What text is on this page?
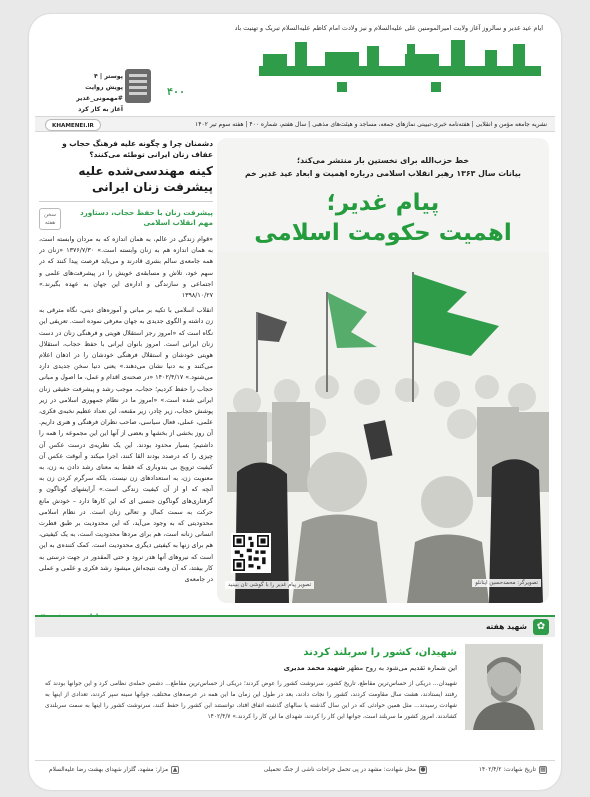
ایام عید غدیر و سالروز آغاز ولایت امیرالمومنین علی علیه‌السلام و نیز ولادت امام کاظم علیه‌السلام تبریک و تهنیت باد
۴۰۰
پوستر | ۴
پویش روایت #مهمونی_غدیر
آغاز به کار کرد
نشریه جامعه مؤمن و انقلابی | هفته‌نامه خبری-تبیینی نمازهای جمعه، مساجد و هیئت‌های مذهبی | سال هفتم، شماره ۴۰۰ | هفته سوم تیر ۱۴۰۲
KHAMENEI.IR
دشمنان چرا و چگونه علیه فرهنگ حجاب و عفاف زنان ایرانی توطئه می‌کنند؟
کینه مهندسی‌شده علیه پیشرفت زنان ایرانی
پیشرفت زنان با حفظ حجاب، دستاورد مهم انقلاب اسلامی
سخن هفته
«قوام زندگی در عالم، به همان اندازه که به مردان وابسته است، به همان اندازه هم به زنان وابسته است.» ۱۳۷۶/۷/۳۰ «زنان در همه جامعه‌ی سالم بشری قادرند و می‌باید فرصت پیدا کنند که در سهم خود، تلاش و مسابقه‌ی خویش را در پیشرفت‌های علمی و اجتماعی و سازندگی و اداره‌ی این جهان به عهده بگیرند.» ۱۳۹۸/۱۰/۲۷
انقلاب اسلامی با تکیه بر مبانی و آموزه‌های دینی، نگاه مترقی به زن داشته و الگوی جدیدی به جهان معرفی نموده است. تعریفی این نگاه است که «امروز رجز استقلال هویتی و فرهنگی زنان در دست زنان ایرانی است. امروز بانوان ایرانی با حفظ حجاب، استقلال هویتی خودشان و استقلال فرهنگی خودشان را در اذهان اعلام می‌کنند و به دنیا نشان می‌دهند.» یعنی دنیا سخن جدیدی دارد می‌شنود.» ۱۴۰۲/۴/۱۷ «در صحنه‌ی اقدام و عمل، ما اصول و مبانی حجاب را حفظ کردیم؛ حجاب، موجب رشد و پیشرفت حقیقی زنان ایرانی شده است.» «امروز ما در نظام جمهوری اسلامی در زیر پوشش حجاب، زیر چادر، زیر مقنعه، این تعداد عظیم نخبه‌ی فکری، علمی، عملی، فعال سیاسی، صاحب نظران فرهنگی و هنری داریم. آن روز بخشی از بخشها و بعضی از آنها این این مجموعه را همه را داشتیم؛ بسیار محدود بودند. این یک نظریه‌ی درست عکس آن چیزی را که درصدد بودند القا کنند، اجرا میکند و آنوقت عکس آن کیفیت ترویج بی بندوباری که فقط به معنای رشد دادن به زن، به معنویت زن، به استعدادهای زن نیست، بلکه سرگرم کردن زن به آنچه که او از آن کیفیت زندگی است.» آرایشهای گوناگون و گرفتاری‌های گوناگون جنسی ای که این کارها دارد – خودش مانع حرکت به سمت کمال و تعالی زنان است. در نظام اسلامی محدودیتی که به وجود می‌آید، که این محدودیت بر طبق فطرت انسانی زنانه است، هم برای مردها محدودیت است، به یک کیفیتی، هم برای زنها به کیفیتی دیگری محدودیت است. کمک کننده‌ی به این است که نیروهای آنها هدر نرود و حتی المقدور در جهت درستی به کار بیفتد، که آن وقت نتیجه‌اش میشود رشد فکری و علمی و عملی در جامعه‌ی
خط حزب‌الله برای نخستین بار منتشر می‌کند؛
بیانات سال ۱۳۶۳ رهبر انقلاب اسلامی درباره اهمیت و ابعاد عید غدیر خم
پیام غدیر؛
اهمیت حکومت اسلامی
تصویر پیام غدیر را با گوشی‌ تان ببینید	تصویرگر: محمدحسین اینانلو
✿
شهید هفته
شهیدان، کشور را سربلند کردند
این شماره تقدیم می‌شود به روح مطهر شهید محمد مدیری
شهیدان... دریکی از حساس‌ترین مقاطع، تاریخ کشور، سرنوشت کشور را عوض کردند؛ دریکی از حساس‌ترین مقاطع... دشمن حمله‌ی نظامی کرد و این جوانها بودند که رفتند ایستادند، هشت سال مقاومت کردند، کشور را نجات دادند، بعد در طول این زمان ما این همه در عرصه‌های مختلف، جوانها سینه سپر کردند، تعدادی از اینها به شهادت رسیدند... مثل همین حوادثی که در این سال گذشته یا سالهای گذشته اتفاق افتاد، توانستند این کشور را حفظ کنند، سرنوشت کشور را اینها به سمت سربلندی کشاندند. امروز کشور ما سربلند است، جوانها این کار را کردند، شهدای ما این کار را کردند.» ۱۴۰۲/۴/۷
▦تاریخ شهادت: ۱۴۰۲/۴/۲
●محل شهادت: مشهد در پی تحمل جراحات ناشی از جنگ تحمیلی
▲مزار: مشهد، گلزار شهدای بهشت رضا علیه‌السلام
